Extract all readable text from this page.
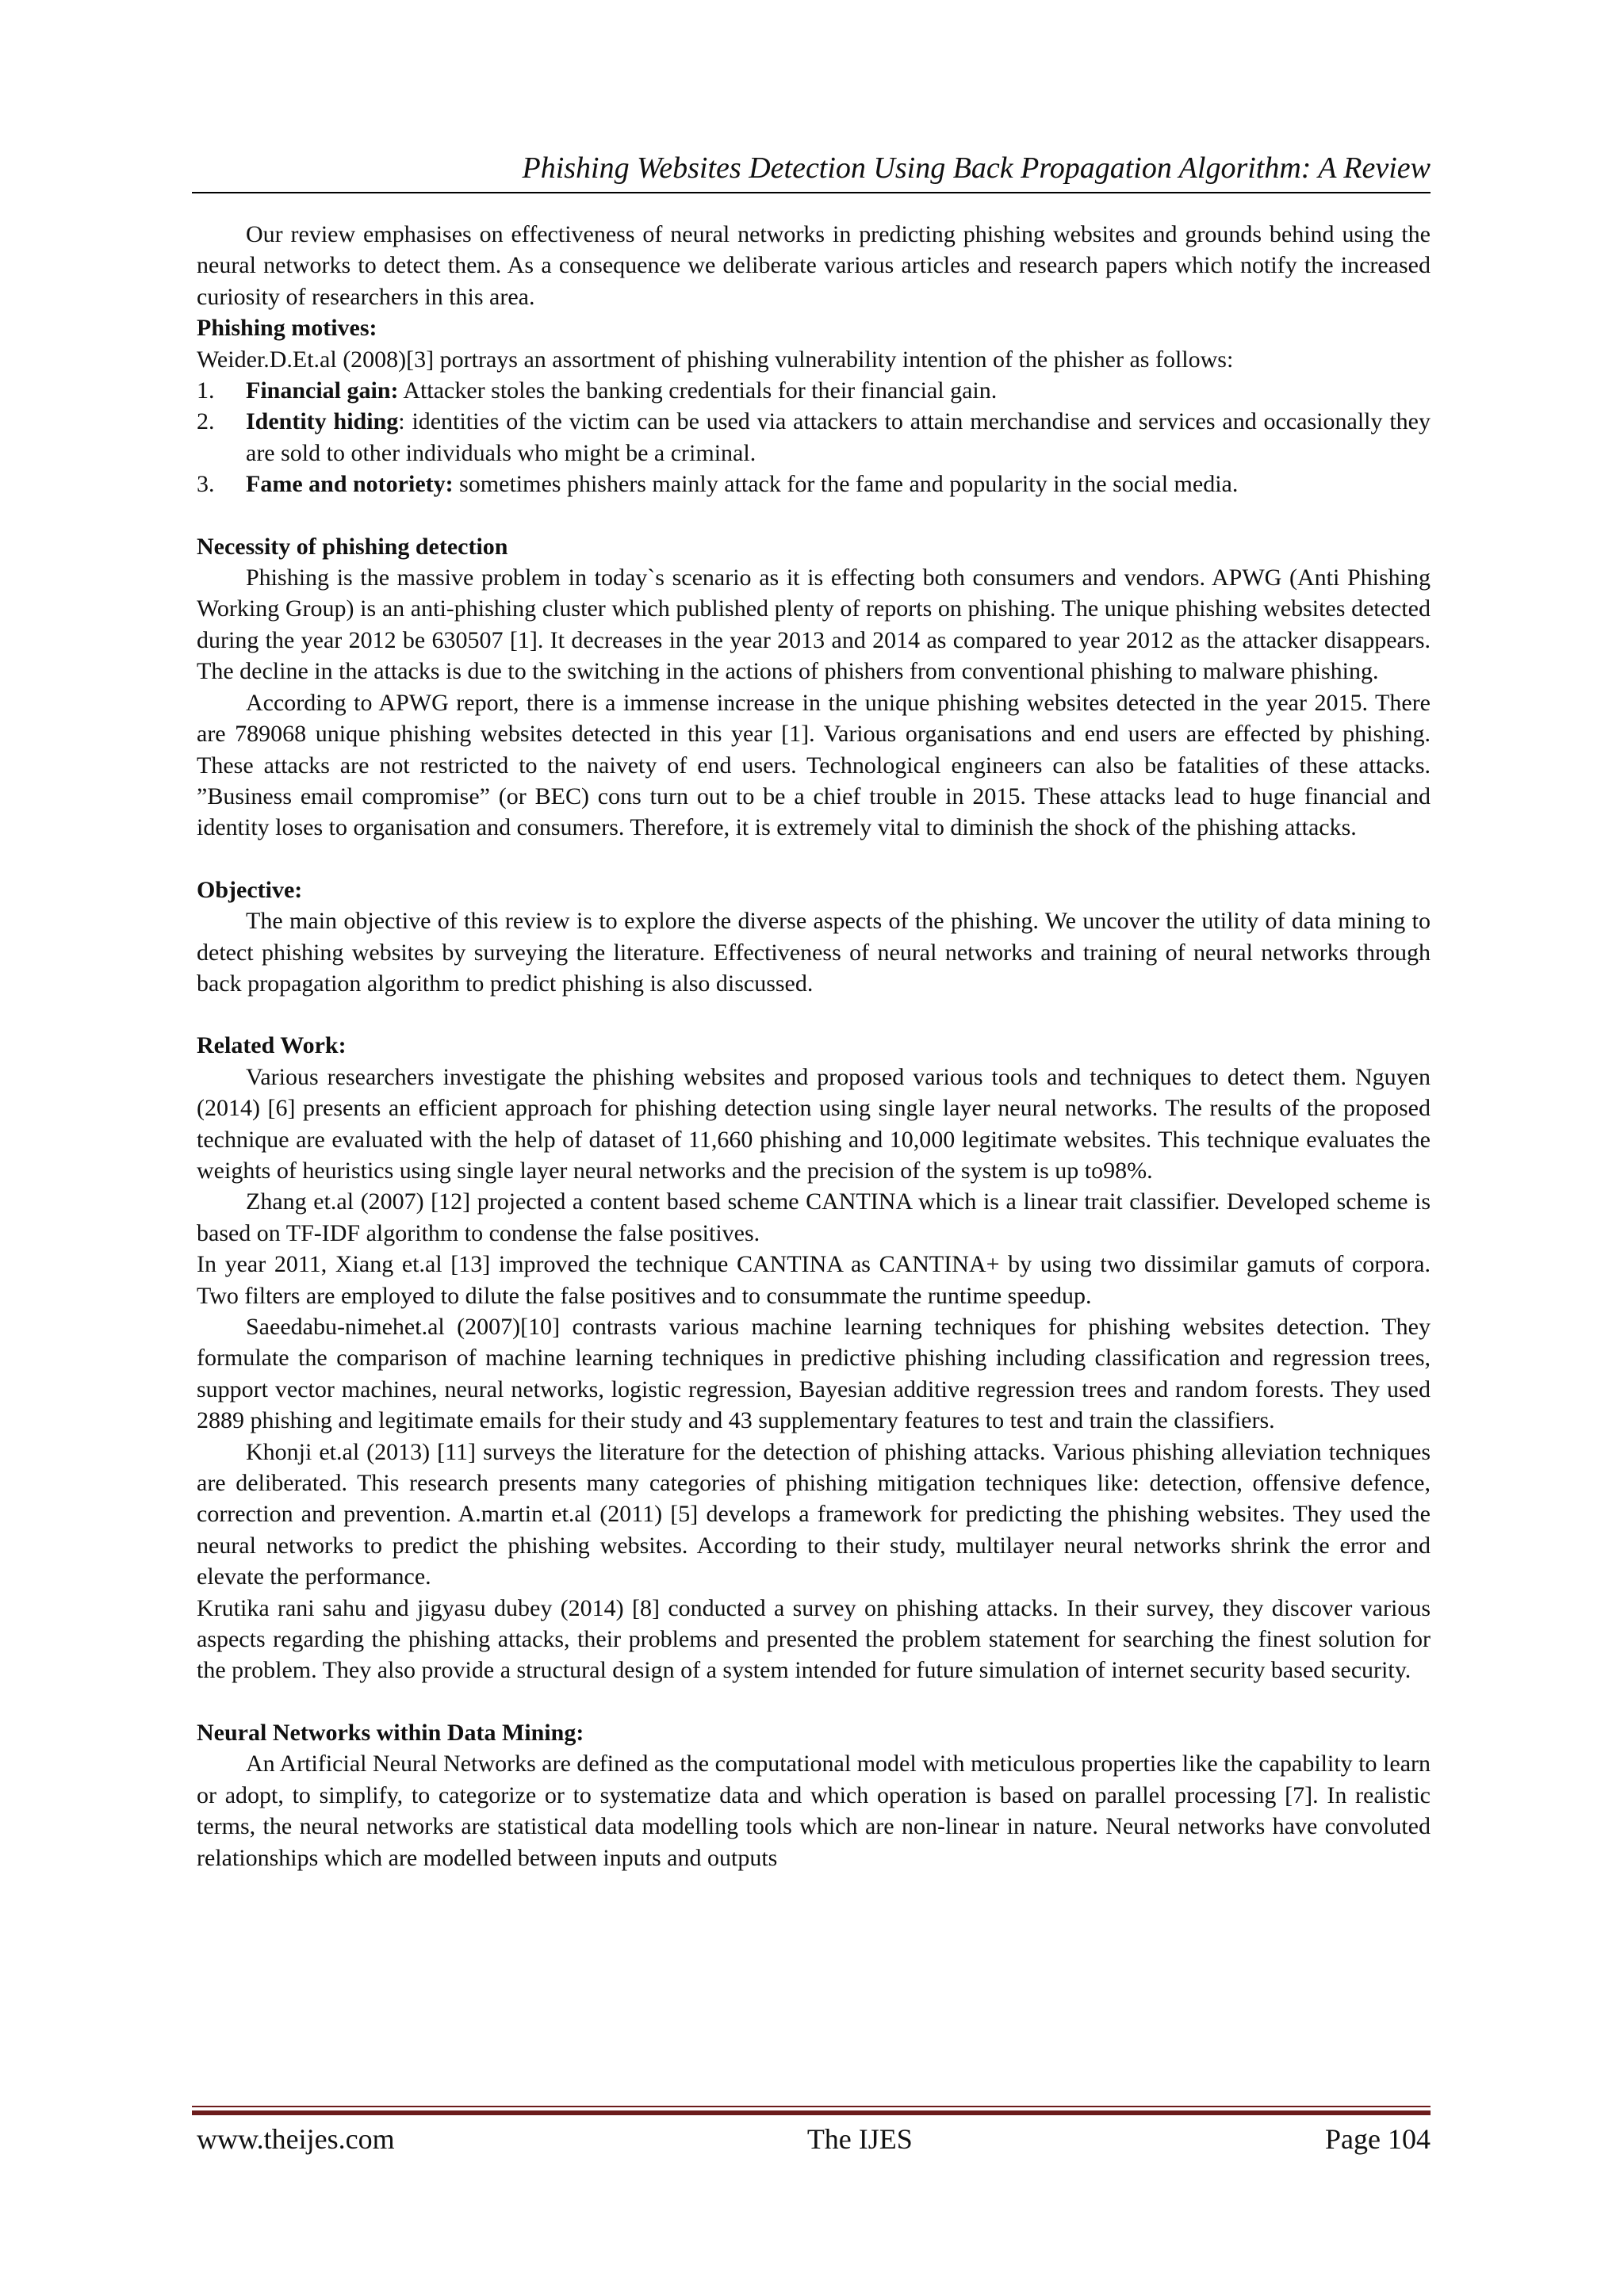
Phishing Websites Detection Using Back Propagation Algorithm: A Review

Our review emphasises on effectiveness of neural networks in predicting phishing websites and grounds behind using the neural networks to detect them. As a consequence we deliberate various articles and research papers which notify the increased curiosity of researchers in this area.

Phishing motives:

Weider.D.Et.al (2008)[3] portrays an assortment of phishing vulnerability intention of the phisher as follows:

1.	Financial gain: Attacker stoles the banking credentials for their financial gain.
2.	Identity hiding: identities of the victim can be used via attackers to attain merchandise and services and occasionally they are sold to other individuals who might be a criminal.
3.	Fame and notoriety: sometimes phishers mainly attack for the fame and popularity in the social media.

Necessity of phishing detection

Phishing is the massive problem in today`s scenario as it is effecting both consumers and vendors. APWG (Anti Phishing Working Group) is an anti-phishing cluster which published plenty of reports on phishing. The unique phishing websites detected during the year 2012 be 630507 [1]. It decreases in the year 2013 and 2014 as compared to year 2012 as the attacker disappears. The decline in the attacks is due to the switching in the actions of phishers from conventional phishing to malware phishing.

According to APWG report, there is a immense increase in the unique phishing websites detected in the year 2015. There are 789068 unique phishing websites detected in this year [1]. Various organisations and end users are effected by phishing. These attacks are not restricted to the naivety of end users. Technological engineers can also be fatalities of these attacks. ”Business email compromise” (or BEC) cons turn out to be a chief trouble in 2015. These attacks lead to huge financial and identity loses to organisation and consumers. Therefore, it is extremely vital to diminish the shock of the phishing attacks.

Objective:

The main objective of this review is to explore the diverse aspects of the phishing. We uncover the utility of data mining to detect phishing websites by surveying the literature. Effectiveness of neural networks and training of neural networks through back propagation algorithm to predict phishing is also discussed.

Related Work:

Various researchers investigate the phishing websites and proposed various tools and techniques to detect them. Nguyen (2014) [6] presents an efficient approach for phishing detection using single layer neural networks. The results of the proposed technique are evaluated with the help of dataset of 11,660 phishing and 10,000 legitimate websites. This technique evaluates the weights of heuristics using single layer neural networks and the precision of the system is up to98%.

Zhang et.al (2007) [12] projected a content based scheme CANTINA which is a linear trait classifier. Developed scheme is based on TF-IDF algorithm to condense the false positives.

In year 2011, Xiang et.al [13] improved the technique CANTINA as CANTINA+ by using two dissimilar gamuts of corpora. Two filters are employed to dilute the false positives and to consummate the runtime speedup.

Saeedabu-nimehet.al (2007)[10] contrasts various machine learning techniques for phishing websites detection. They formulate the comparison of machine learning techniques in predictive phishing including classification and regression trees, support vector machines, neural networks, logistic regression, Bayesian additive regression trees and random forests. They used 2889 phishing and legitimate emails for their study and 43 supplementary features to test and train the classifiers.

Khonji et.al (2013) [11] surveys the literature for the detection of phishing attacks. Various phishing alleviation techniques are deliberated. This research presents many categories of phishing mitigation techniques like: detection, offensive defence, correction and prevention. A.martin et.al (2011) [5] develops a framework for predicting the phishing websites. They used the neural networks to predict the phishing websites. According to their study, multilayer neural networks shrink the error and elevate the performance.

Krutika rani sahu and jigyasu dubey (2014) [8] conducted a survey on phishing attacks. In their survey, they discover various aspects regarding the phishing attacks, their problems and presented the problem statement for searching the finest solution for the problem. They also provide a structural design of a system intended for future simulation of internet security based security.

Neural Networks within Data Mining:

An Artificial Neural Networks are defined as the computational model with meticulous properties like the capability to learn or adopt, to simplify, to categorize or to systematize data and which operation is based on parallel processing [7]. In realistic terms, the neural networks are statistical data modelling tools which are non-linear in nature. Neural networks have convoluted relationships which are modelled between inputs and outputs

www.theijes.com	The IJES	Page 104
